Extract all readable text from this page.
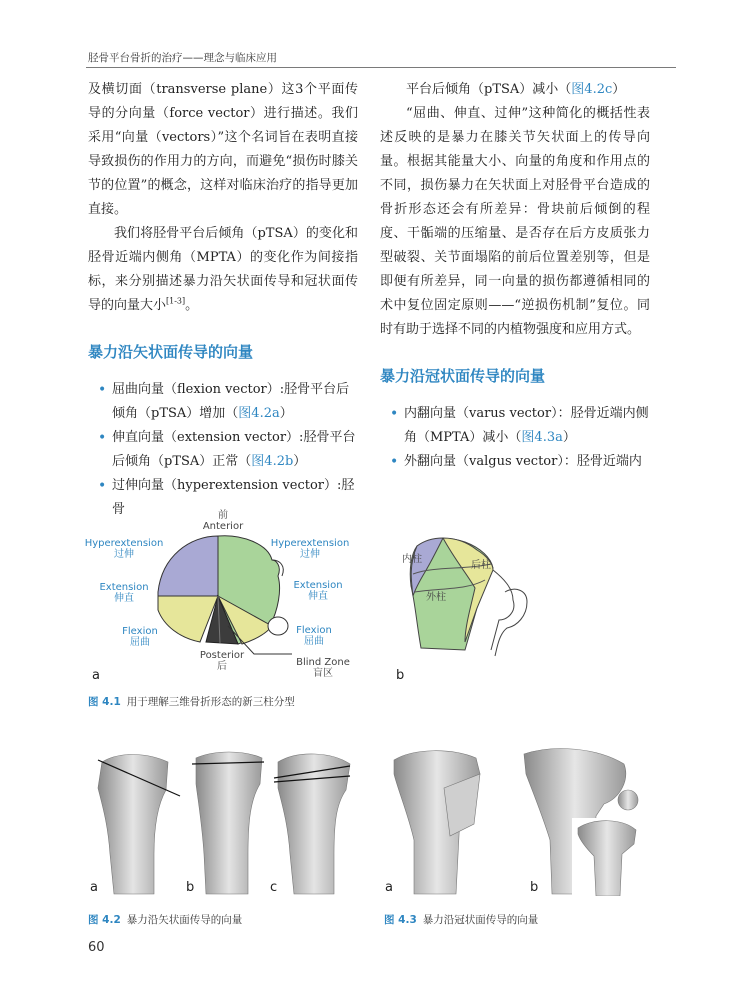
胫骨平台骨折的治疗——理念与临床应用

及横切面（transverse plane）这3个平面传导的分向量（force vector）进行描述。我们采用“向量（vectors）”这个名词旨在表明直接导致损伤的作用力的方向，而避免“损伤时膝关节的位置”的概念，这样对临床治疗的指导更加直接。

我们将胫骨平台后倾角（pTSA）的变化和胫骨近端内侧角（MPTA）的变化作为间接指标，来分别描述暴力沿矢状面传导和冠状面传导的向量大小[1-3]。

暴力沿矢状面传导的向量
• 屈曲向量（flexion vector）:胫骨平台后倾角（pTSA）增加（图4.2a）
• 伸直向量（extension vector）:胫骨平台后倾角（pTSA）正常（图4.2b）
• 过伸向量（hyperextension vector）:胫骨

平台后倾角（pTSA）减小（图4.2c）

“屈曲、伸直、过伸”这种简化的概括性表述反映的是暴力在膝关节矢状面上的传导向量。根据其能量大小、向量的角度和作用点的不同，损伤暴力在矢状面上对胫骨平台造成的骨折形态还会有所差异：骨块前后倾倒的程度、干骺端的压缩量、是否存在后方皮质张力型破裂、关节面塌陷的前后位置差别等，但是即便有所差异，同一向量的损伤都遵循相同的术中复位固定原则——“逆损伤机制”复位。同时有助于选择不同的内植物强度和应用方式。

暴力沿冠状面传导的向量
• 内翻向量（varus vector）：胫骨近端内侧角（MPTA）减小（图4.3a）
• 外翻向量（valgus vector）：胫骨近端内
前
Anterior
Hyperextension
过伸
Hyperextension
过伸
Extension
伸直
Extension
伸直
Flexion
屈曲
Flexion
屈曲
Posterior
后	Blind Zone
盲区
a
内柱
后柱
外柱
b
图 4.1 用于理解三维骨折形态的新三柱分型
a	b	c
图 4.2 暴力沿矢状面传导的向量
a	b
图 4.3 暴力沿冠状面传导的向量
60
